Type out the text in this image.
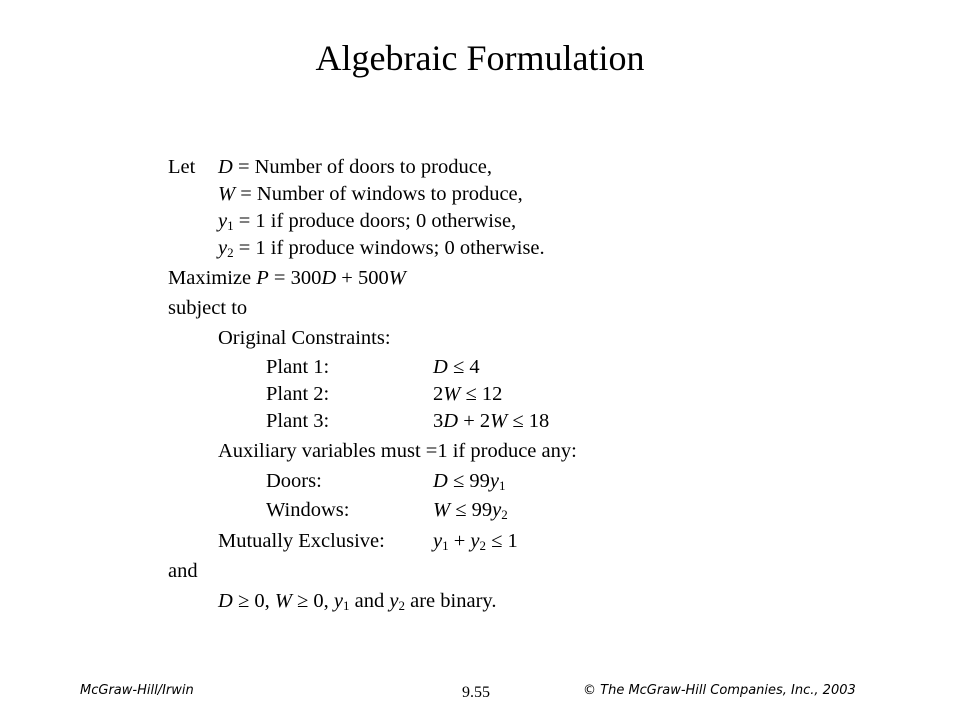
Algebraic Formulation
Let D = Number of doors to produce,
W = Number of windows to produce,
$y_1 = 1$ if produce doors; 0 otherwise,
$y_2 = 1$ if produce windows; 0 otherwise.
Maximize P = 300D + 500W
subject to
Original Constraints:
Plant 1:	D ≤ 4
Plant 2:	2W ≤ 12
Plant 3:	3D + 2W ≤ 18
Auxiliary variables must =1 if produce any:
Doors:	$D \le 99y_1$
Windows:	$W \le 99y_2$
Mutually Exclusive: $y_1 + y_2 \le 1$
and
D ≥ 0, W ≥ 0, $y_1$ and $y_2$ are binary.
McGraw-Hill/Irwin	9.55	© The McGraw-Hill Companies, Inc., 2003
